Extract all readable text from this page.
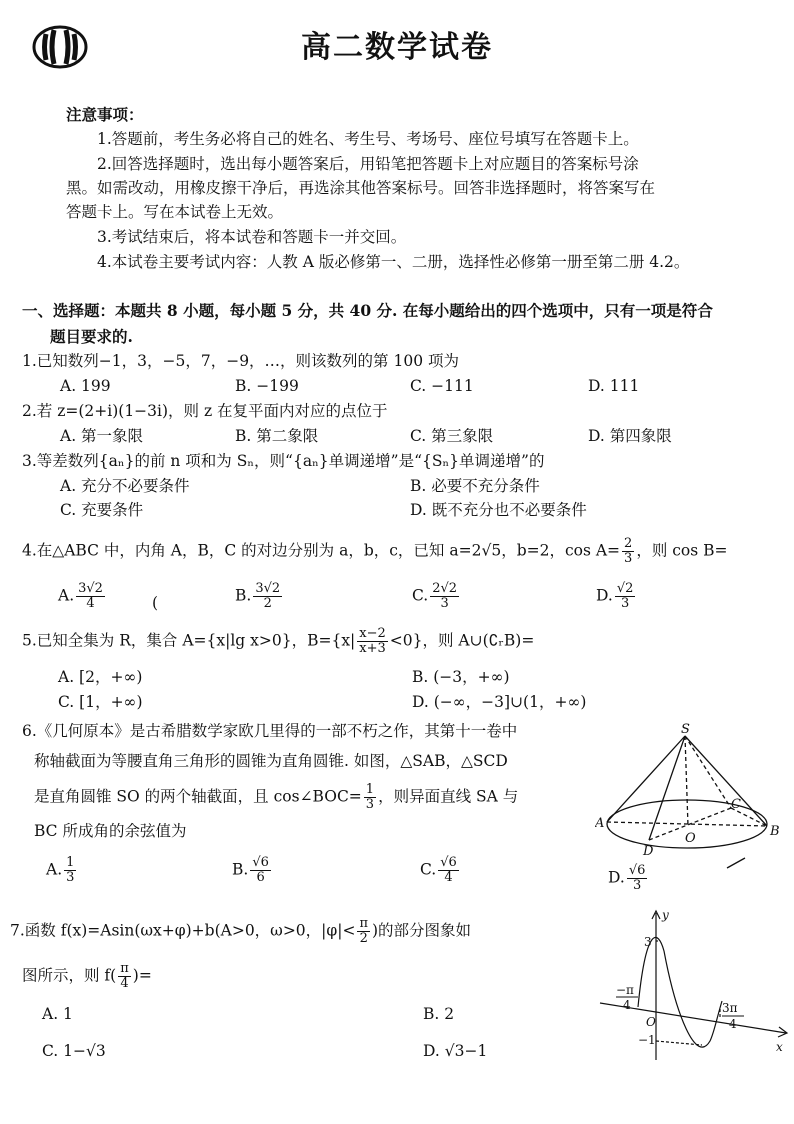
高二数学试卷
注意事项：
1.答题前，考生务必将自己的姓名、考生号、考场号、座位号填写在答题卡上。
2.回答选择题时，选出每小题答案后，用铅笔把答题卡上对应题目的答案标号涂
黑。如需改动，用橡皮擦干净后，再选涂其他答案标号。回答非选择题时，将答案写在
答题卡上。写在本试卷上无效。
3.考试结束后，将本试卷和答题卡一并交回。
4.本试卷主要考试内容：人教 A 版必修第一、二册，选择性必修第一册至第二册 4.2。
一、选择题：本题共 8 小题，每小题 5 分，共 40 分. 在每小题给出的四个选项中，只有一项是符合
题目要求的.
1.已知数列−1，3，−5，7，−9，…，则该数列的第 100 项为
A. 199	B. −199	C. −111	D. 111
2.若 z=(2+i)(1−3i)，则 z 在复平面内对应的点位于
A. 第一象限	B. 第二象限	C. 第三象限	D. 第四象限
3.等差数列{aₙ}的前 n 项和为 Sₙ，则“{aₙ}单调递增”是“{Sₙ}单调递增”的
A. 充分不必要条件	B. 必要不充分条件
C. 充要条件	D. 既不充分也不必要条件
4.在△ABC 中，内角 A，B，C 的对边分别为 a，b，c，已知 a=2√5，b=2，$\cos A= \frac{2}{3}$ ，则 cos B=
A. $\frac{3√2}{4}$	(	B. $\frac{3√2}{2}$	C. $\frac{2√2}{3}$	D. $\frac{√2}{3}$
5.已知全集为 R，集合 A={x|lg x>0}，$B=\{x| \frac{x-2}{x+3} <0\}$，则 A∪(∁ᵣB)=
A. [2，+∞)	B. (−3，+∞)
C. [1，+∞)	D. (−∞，−3]∪(1，+∞)
6.《几何原本》是古希腊数学家欧几里得的一部不朽之作，其第十一卷中
称轴截面为等腰直角三角形的圆锥为直角圆锥. 如图，△SAB，△SCD
是直角圆锥 SO 的两个轴截面，且 cos∠BOC= $\frac{1}{3}$ ，则异面直线 SA 与
BC 所成角的余弦值为
A. $\frac{1}{3}$	B. $\frac{√6}{6}$	C. $\frac{√6}{4}$	D. $\frac{√6}{3}$
S
A
B
C
D
O
7.函数 f(x)=Asin(ωx+φ)+b(A>0，ω>0，$|\varphi|< \frac{\pi}{2}$ )的部分图象如
图所示，则 $f( \frac{\pi}{4}$ )=
A. 1	B. 2
C. 1−√3	D. √3−1
y
x
3
O
−1
−π
4	3π
4
